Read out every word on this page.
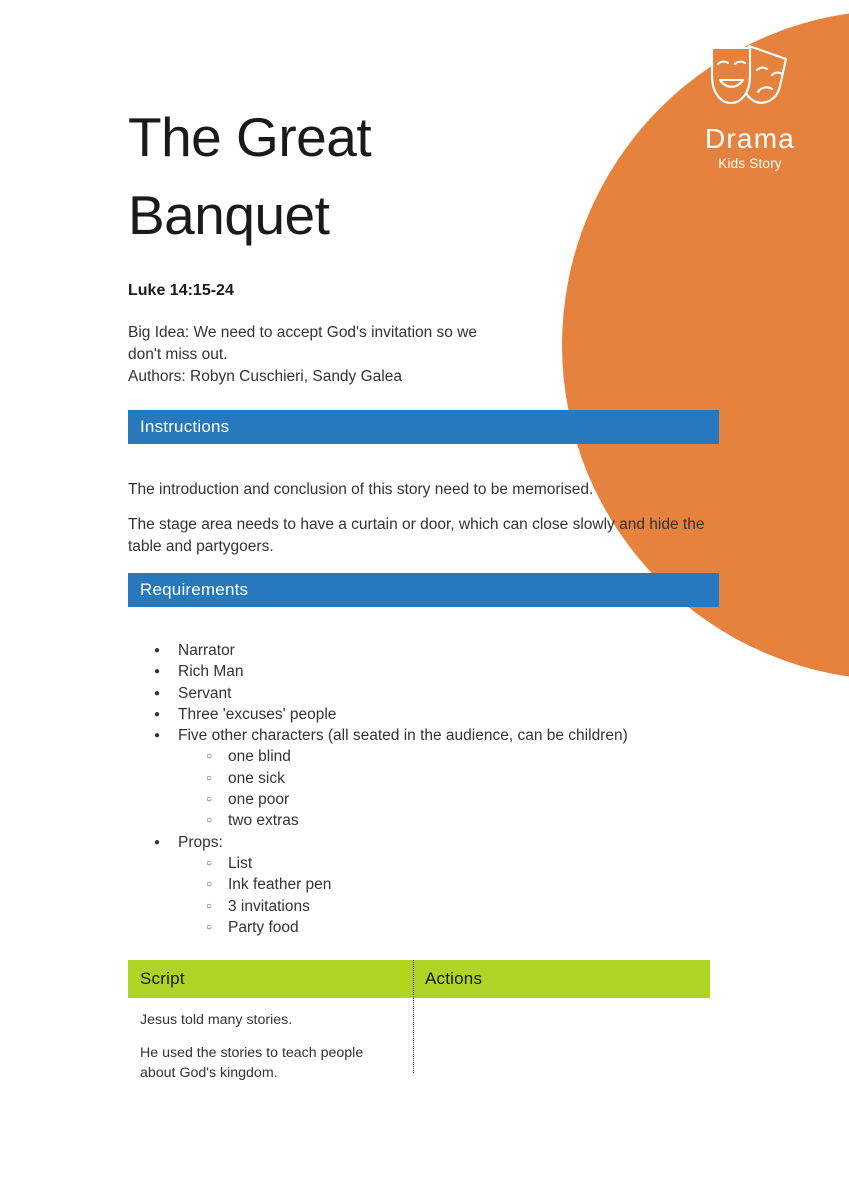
Drama
Kids Story
The Great Banquet
Luke 14:15-24
Big Idea: We need to accept God's invitation so we
don't miss out.
Authors: Robyn Cuschieri, Sandy Galea
Instructions
The introduction and conclusion of this story need to be memorised.
The stage area needs to have a curtain or door, which can close slowly and hide the table and partygoers.
Requirements
● Narrator
● Rich Man
● Servant
● Three 'excuses' people
● Five other characters (all seated in the audience, can be children)
○ one blind
○ one sick
○ one poor
○ two extras
● Props:
○ List
○ Ink feather pen
○ 3 invitations
○ Party food
Script	Actions

Jesus told many stories.

He used the stories to teach people about God's kingdom.
